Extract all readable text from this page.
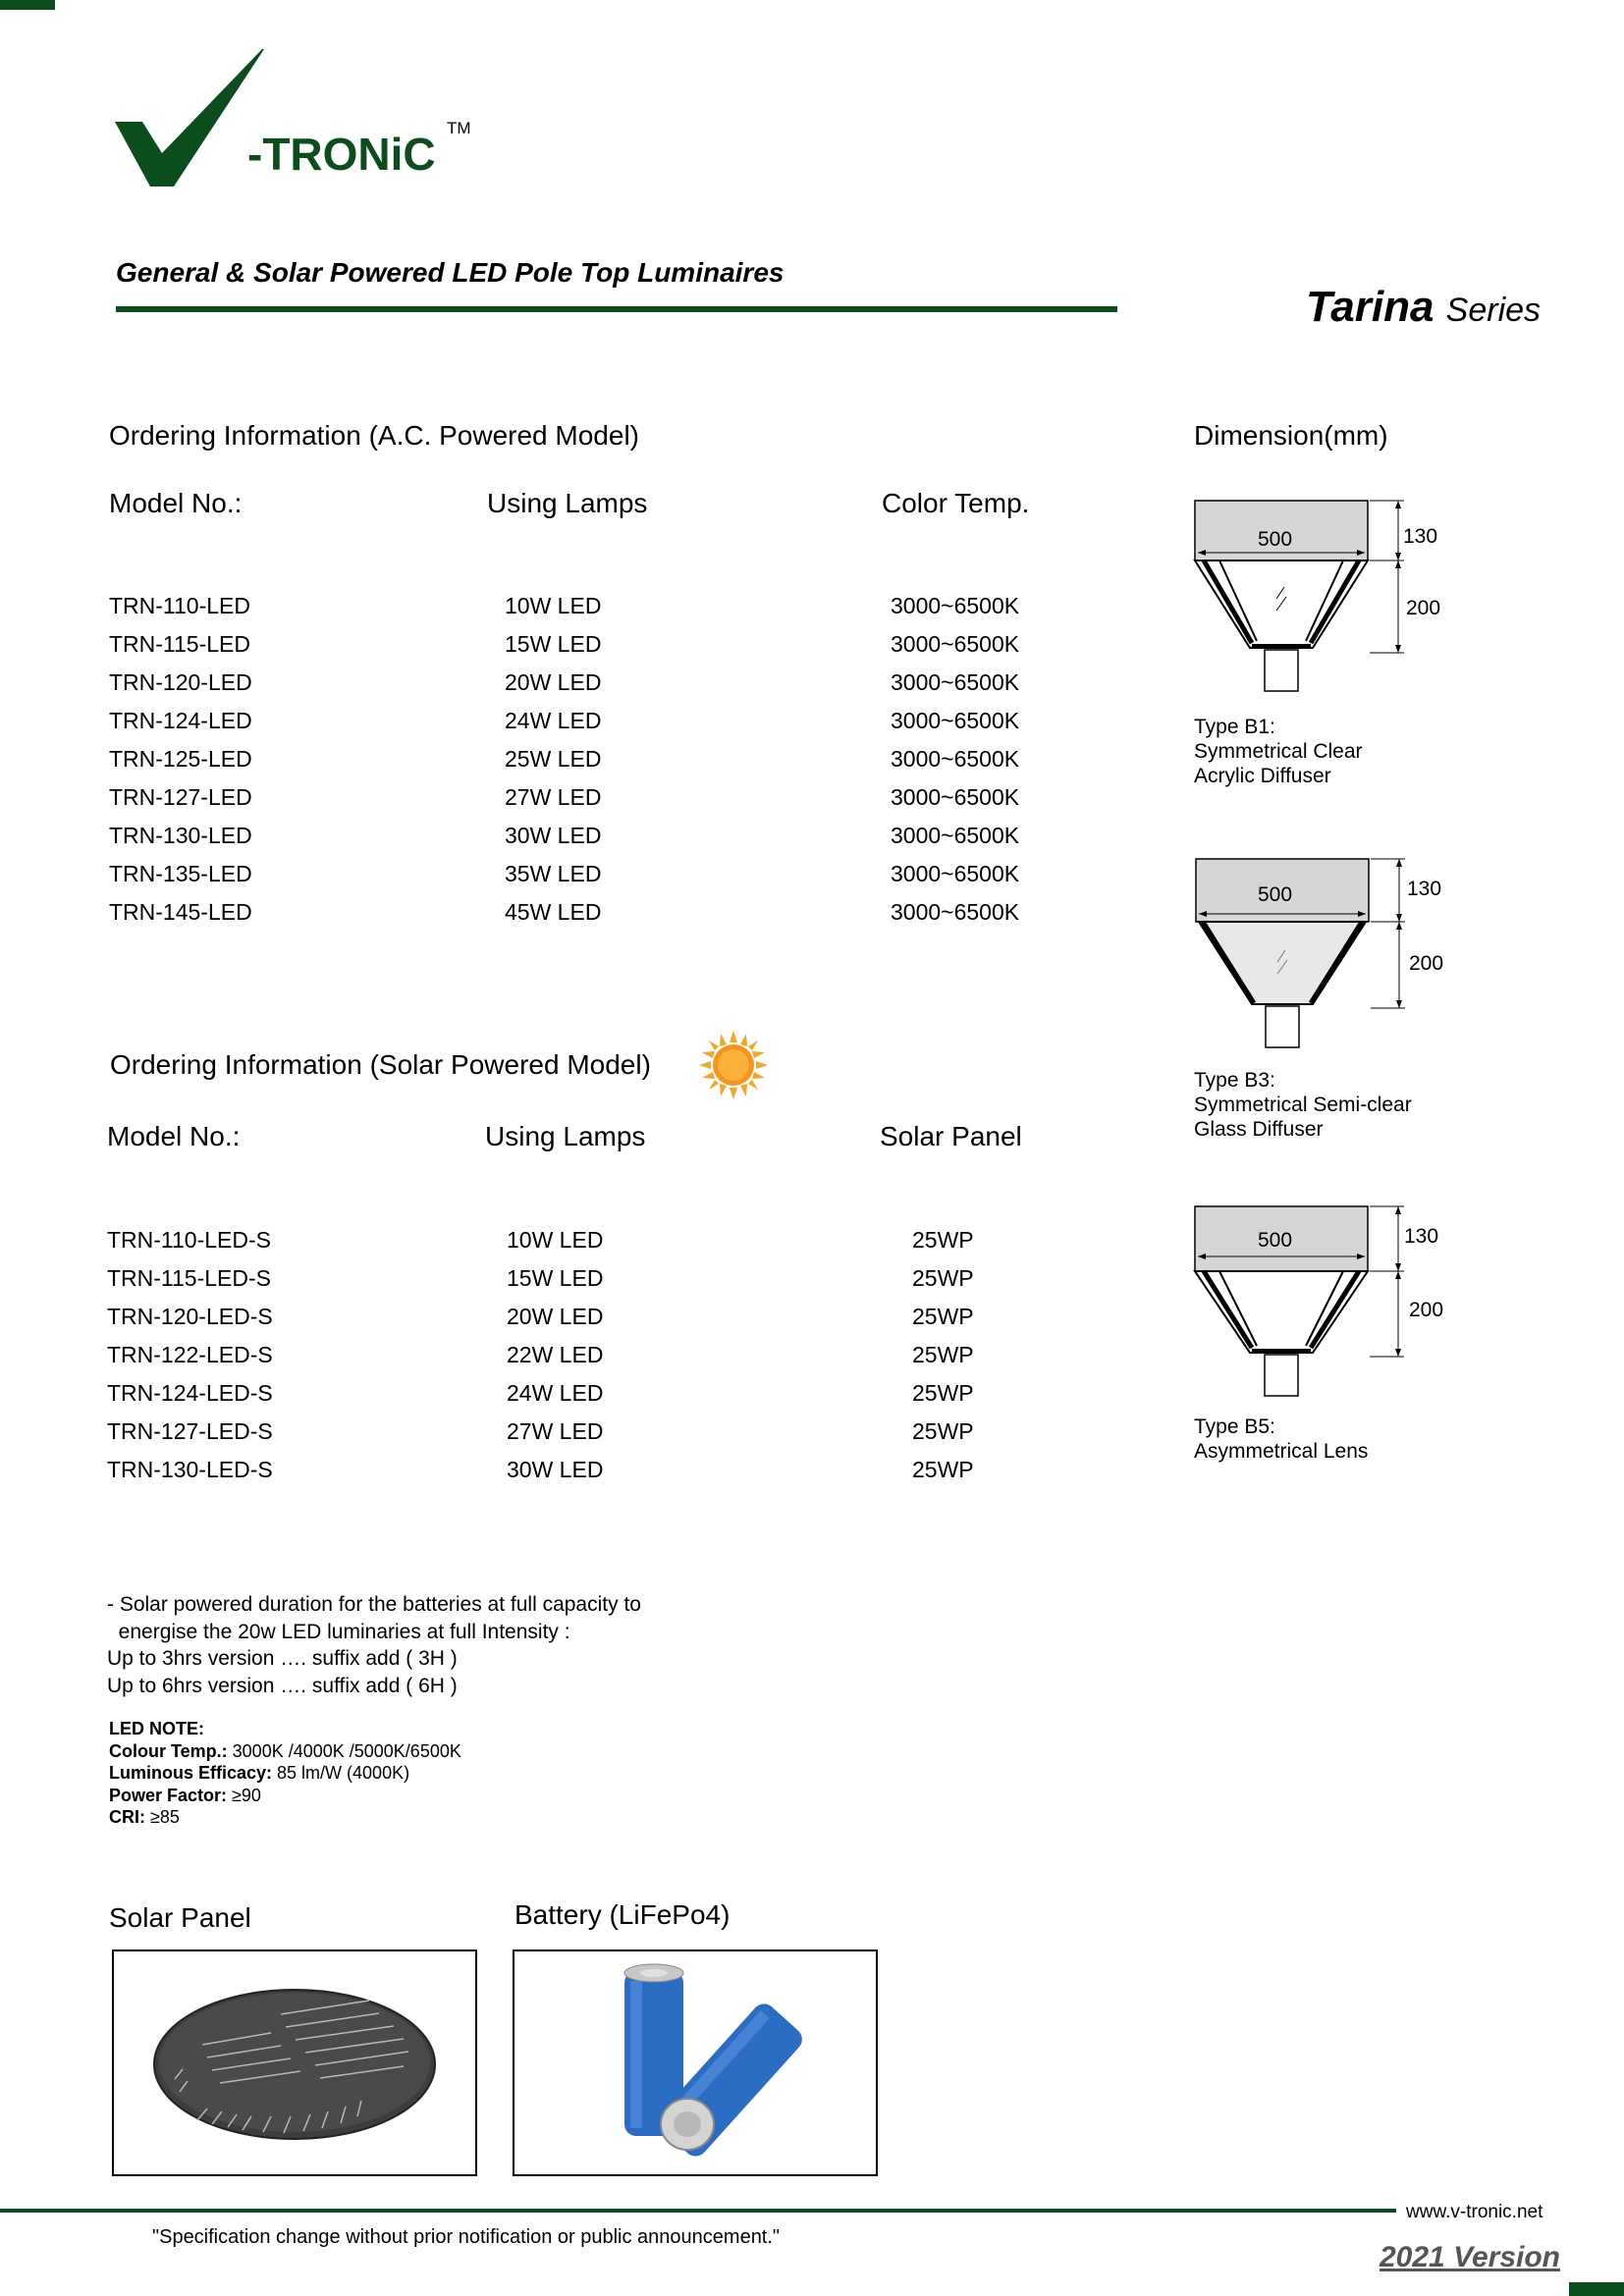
-TRONiC
TM
General & Solar Powered LED Pole Top Luminaires
Tarina Series
Ordering Information (A.C. Powered Model)
Model No.:	Using Lamps	Color Temp.
TRN-110-LED	10W LED	3000~6500K
TRN-115-LED	15W LED	3000~6500K
TRN-120-LED	20W LED	3000~6500K
TRN-124-LED	24W LED	3000~6500K
TRN-125-LED	25W LED	3000~6500K
TRN-127-LED	27W LED	3000~6500K
TRN-130-LED	30W LED	3000~6500K
TRN-135-LED	35W LED	3000~6500K
TRN-145-LED	45W LED	3000~6500K
Ordering Information (Solar Powered Model)
Model No.:	Using Lamps	Solar Panel
TRN-110-LED-S	10W LED	25WP
TRN-115-LED-S	15W LED	25WP
TRN-120-LED-S	20W LED	25WP
TRN-122-LED-S	22W LED	25WP
TRN-124-LED-S	24W LED	25WP
TRN-127-LED-S	27W LED	25WP
TRN-130-LED-S	30W LED	25WP
- Solar powered duration for the batteries at full capacity to
energise the 20w LED luminaries at full Intensity :
Up to 3hrs version …. suffix add ( 3H )
Up to 6hrs version …. suffix add ( 6H )
LED NOTE:
Colour Temp.: 3000K /4000K /5000K/6500K
Luminous Efficacy: 85 lm/W (4000K)
Power Factor: ≥90
CRI: ≥85
Dimension(mm)
500	130
200
Type B1:
Symmetrical Clear
Acrylic Diffuser
500	130
200
Type B3:
Symmetrical Semi-clear
Glass Diffuser
500	130
200
Type B5:
Asymmetrical Lens
Solar Panel	Battery (LiFePo4)
www.v-tronic.net
"Specification change without prior notification or public announcement."
2021 Version
